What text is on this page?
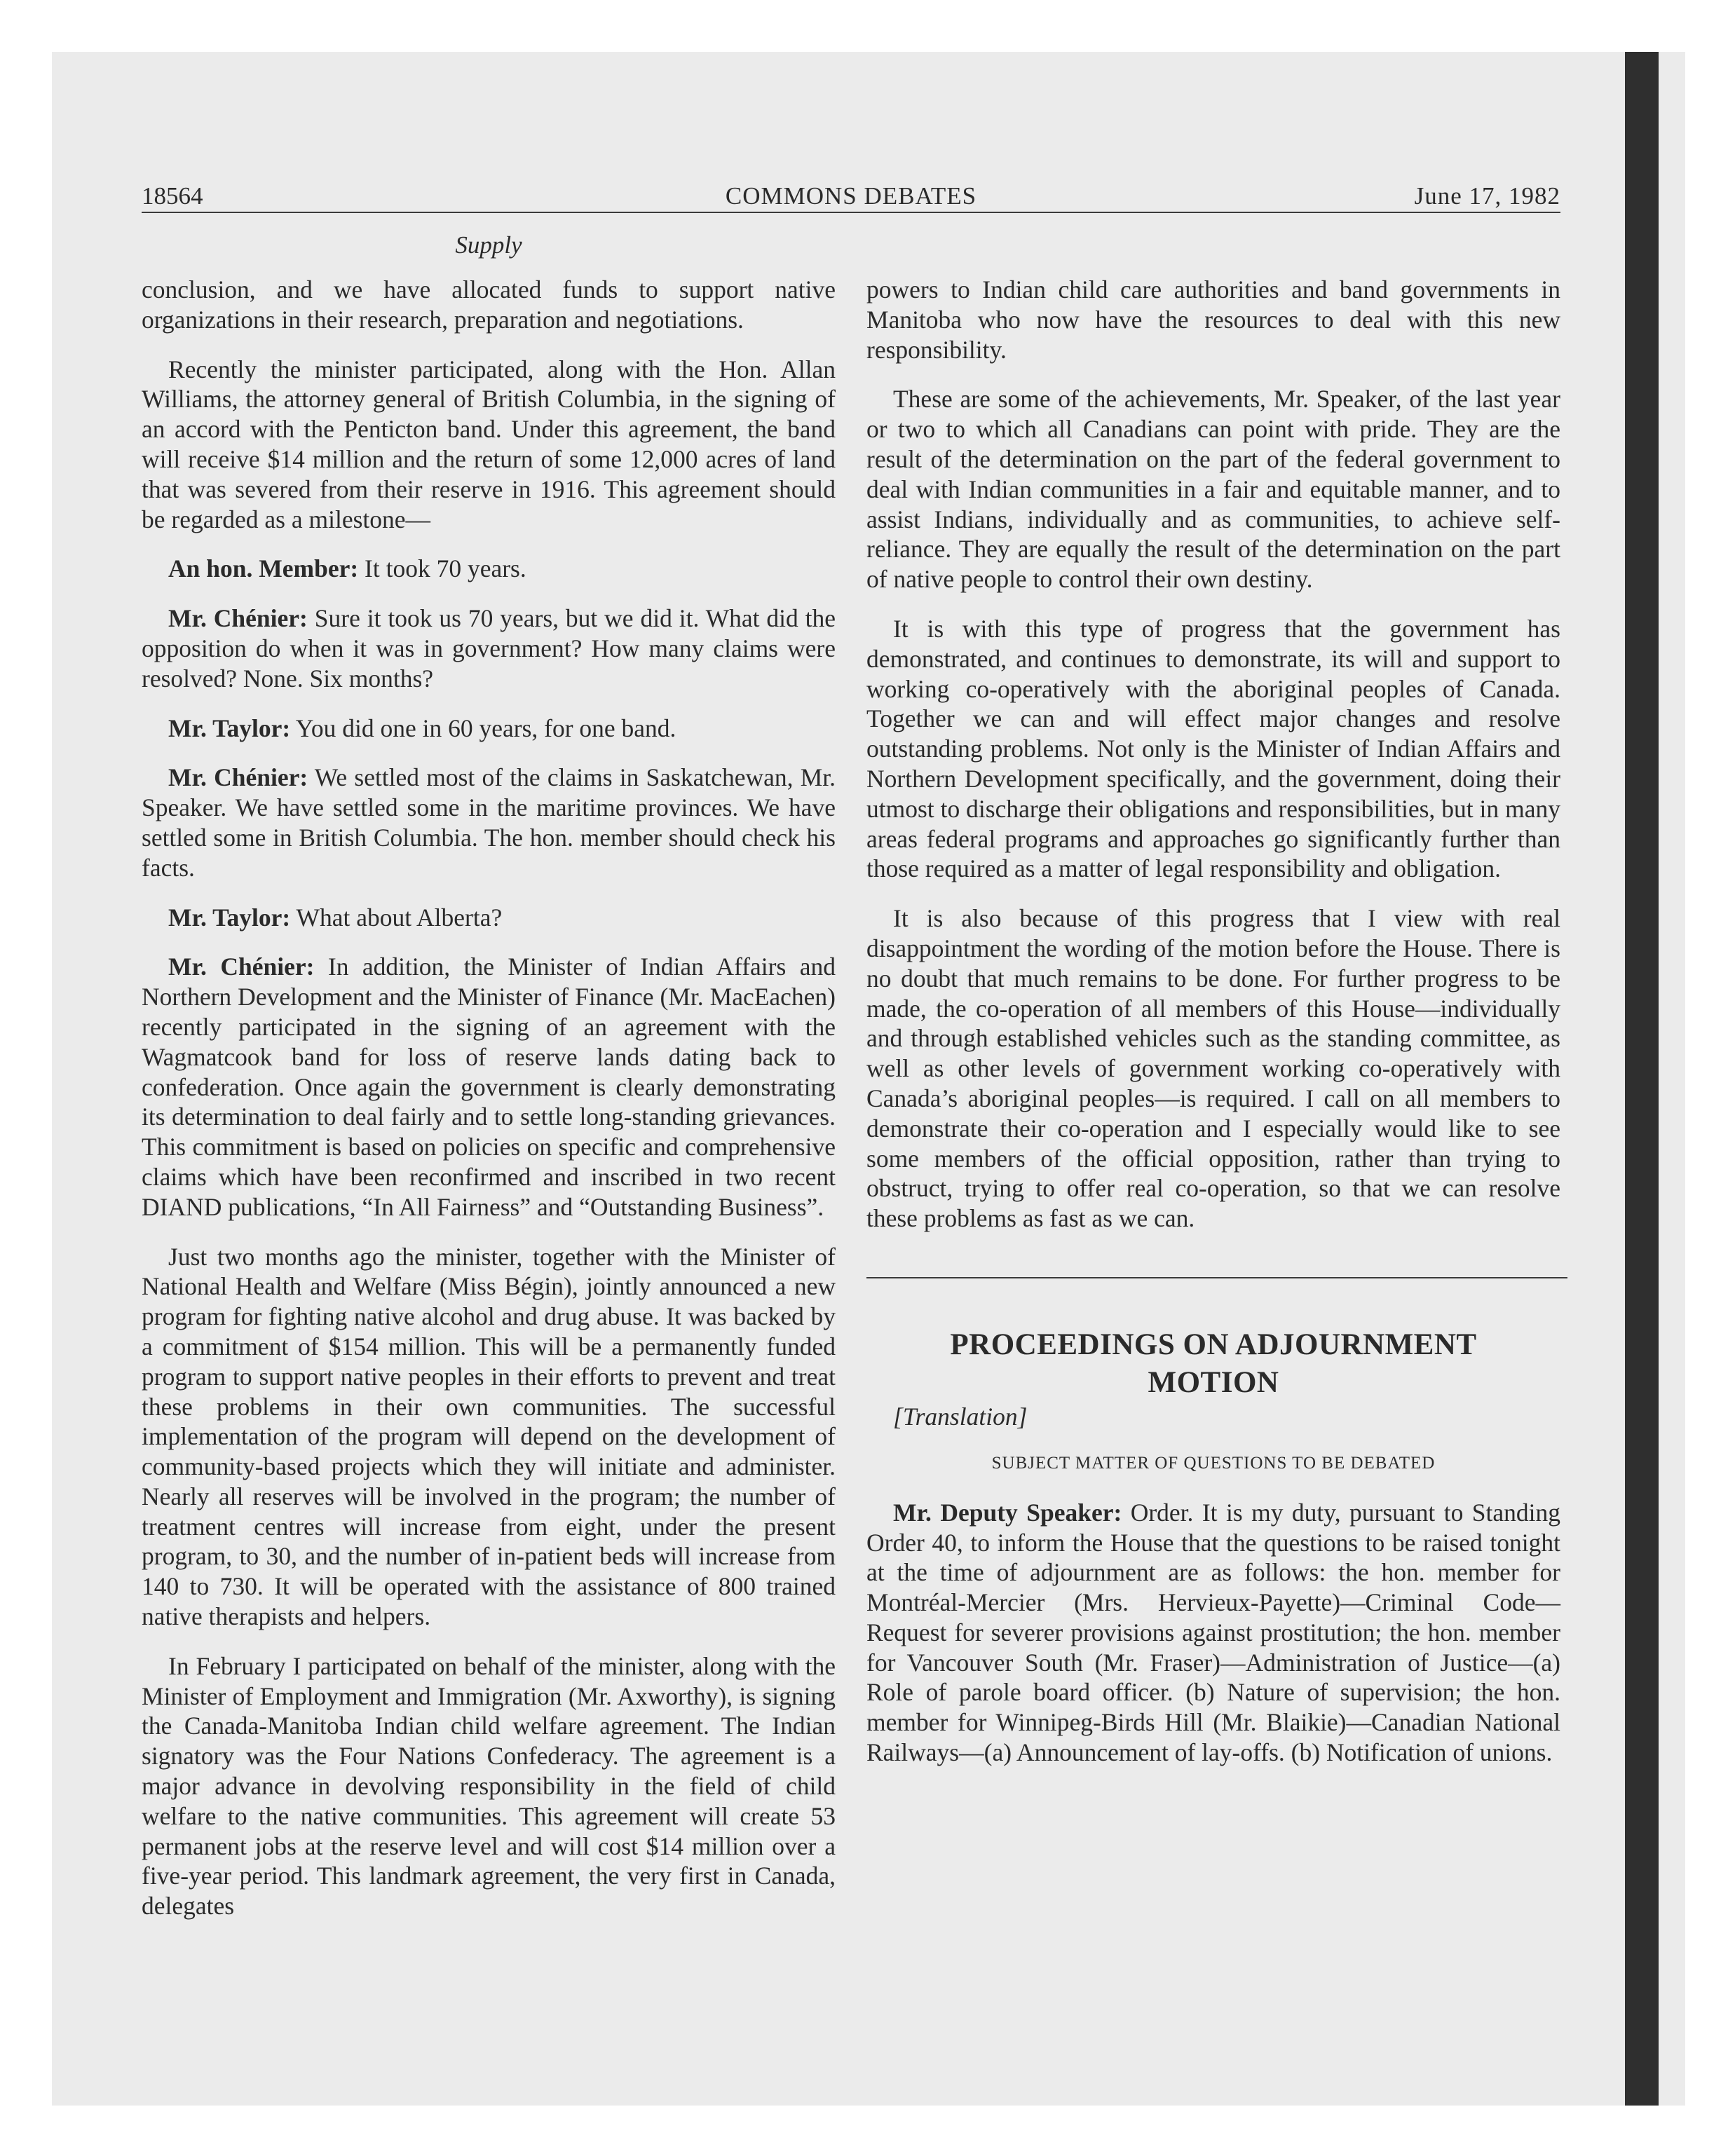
COMMONS DEBATES
18564	June 17, 1982
Supply

conclusion, and we have allocated funds to support native organizations in their research, preparation and negotiations.

Recently the minister participated, along with the Hon. Allan Williams, the attorney general of British Columbia, in the signing of an accord with the Penticton band. Under this agreement, the band will receive $14 million and the return of some 12,000 acres of land that was severed from their reserve in 1916. This agreement should be regarded as a milestone—

An hon. Member: It took 70 years.

Mr. Chénier: Sure it took us 70 years, but we did it. What did the opposition do when it was in government? How many claims were resolved? None. Six months?

Mr. Taylor: You did one in 60 years, for one band.

Mr. Chénier: We settled most of the claims in Saskatchewan, Mr. Speaker. We have settled some in the maritime provinces. We have settled some in British Columbia. The hon. member should check his facts.

Mr. Taylor: What about Alberta?

Mr. Chénier: In addition, the Minister of Indian Affairs and Northern Development and the Minister of Finance (Mr. MacEachen) recently participated in the signing of an agreement with the Wagmatcook band for loss of reserve lands dating back to confederation. Once again the government is clearly demonstrating its determination to deal fairly and to settle long-standing grievances. This commitment is based on policies on specific and comprehensive claims which have been reconfirmed and inscribed in two recent DIAND publications, “In All Fairness” and “Outstanding Business”.

Just two months ago the minister, together with the Minister of National Health and Welfare (Miss Bégin), jointly announced a new program for fighting native alcohol and drug abuse. It was backed by a commitment of $154 million. This will be a permanently funded program to support native peoples in their efforts to prevent and treat these problems in their own communities. The successful implementation of the program will depend on the development of community-based projects which they will initiate and administer. Nearly all reserves will be involved in the program; the number of treatment centres will increase from eight, under the present program, to 30, and the number of in-patient beds will increase from 140 to 730. It will be operated with the assistance of 800 trained native therapists and helpers.

In February I participated on behalf of the minister, along with the Minister of Employment and Immigration (Mr. Axworthy), is signing the Canada-Manitoba Indian child welfare agreement. The Indian signatory was the Four Nations Confederacy. The agreement is a major advance in devolving responsibility in the field of child welfare to the native communities. This agreement will create 53 permanent jobs at the reserve level and will cost $14 million over a five-year period. This landmark agreement, the very first in Canada, delegates

powers to Indian child care authorities and band governments in Manitoba who now have the resources to deal with this new responsibility.

These are some of the achievements, Mr. Speaker, of the last year or two to which all Canadians can point with pride. They are the result of the determination on the part of the federal government to deal with Indian communities in a fair and equitable manner, and to assist Indians, individually and as communities, to achieve self-reliance. They are equally the result of the determination on the part of native people to control their own destiny.

It is with this type of progress that the government has demonstrated, and continues to demonstrate, its will and support to working co-operatively with the aboriginal peoples of Canada. Together we can and will effect major changes and resolve outstanding problems. Not only is the Minister of Indian Affairs and Northern Development specifically, and the government, doing their utmost to discharge their obligations and responsibilities, but in many areas federal programs and approaches go significantly further than those required as a matter of legal responsibility and obligation.

It is also because of this progress that I view with real disappointment the wording of the motion before the House. There is no doubt that much remains to be done. For further progress to be made, the co-operation of all members of this House—individually and through established vehicles such as the standing committee, as well as other levels of government working co-operatively with Canada’s aboriginal peoples—is required. I call on all members to demonstrate their co-operation and I especially would like to see some members of the official opposition, rather than trying to obstruct, trying to offer real co-operation, so that we can resolve these problems as fast as we can.

PROCEEDINGS ON ADJOURNMENT
MOTION

[Translation]

SUBJECT MATTER OF QUESTIONS TO BE DEBATED

Mr. Deputy Speaker: Order. It is my duty, pursuant to Standing Order 40, to inform the House that the questions to be raised tonight at the time of adjournment are as follows: the hon. member for Montréal-Mercier (Mrs. Hervieux-Payette)—Criminal Code—Request for severer provisions against prostitution; the hon. member for Vancouver South (Mr. Fraser)—Administration of Justice—(a) Role of parole board officer. (b) Nature of supervision; the hon. member for Winnipeg-Birds Hill (Mr. Blaikie)—Canadian National Railways—(a) Announcement of lay-offs. (b) Notification of unions.
